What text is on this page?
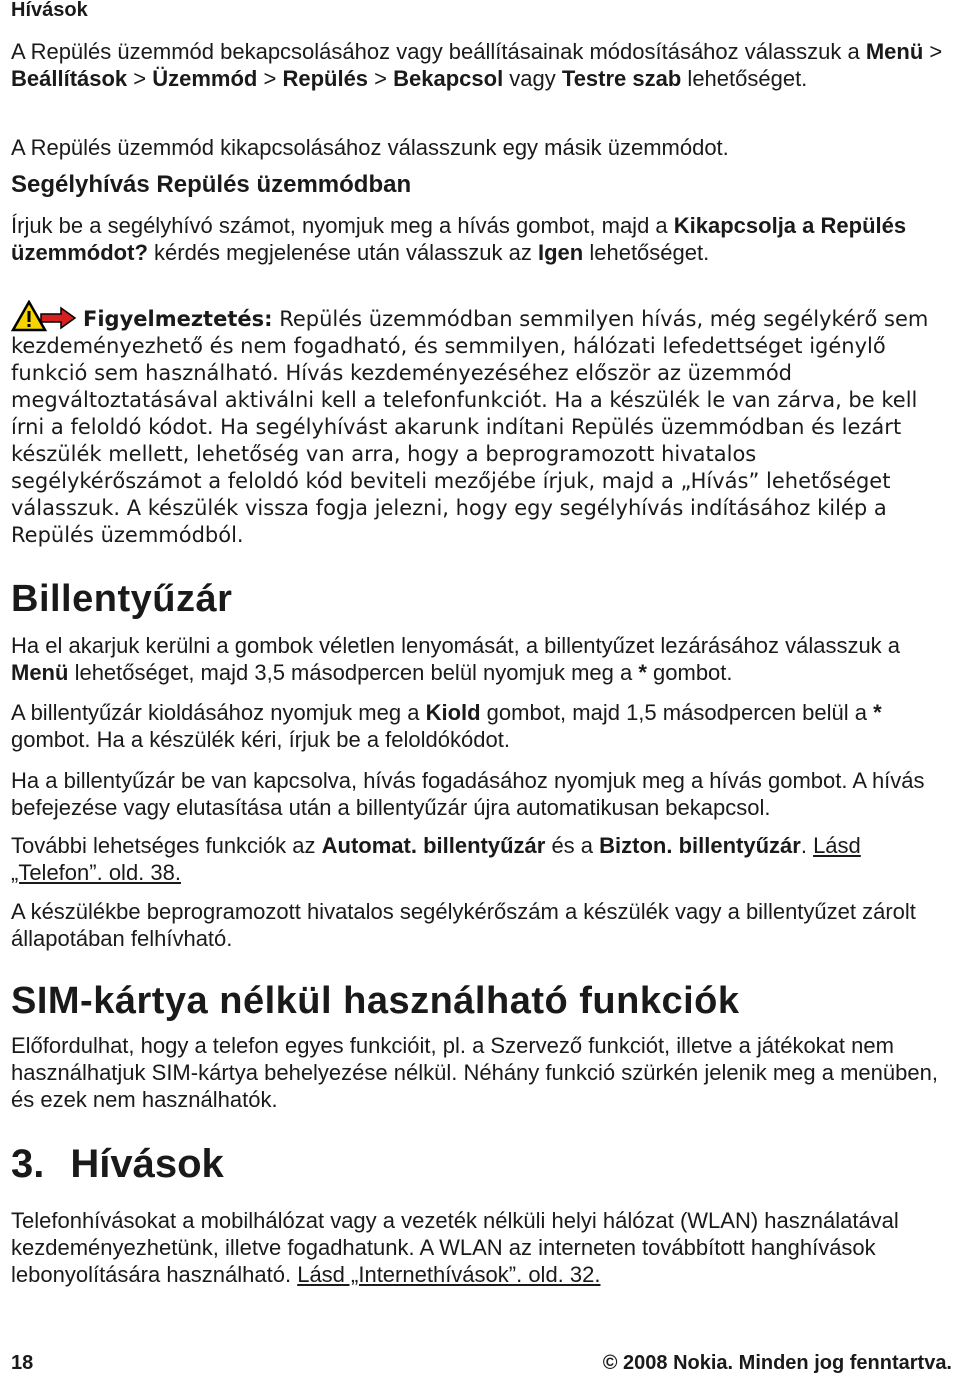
Hívások

A Repülés üzemmód bekapcsolásához vagy beállításainak módosításához válasszuk a Menü > Beállítások > Üzemmód > Repülés > Bekapcsol vagy Testre szab lehetőséget.

A Repülés üzemmód kikapcsolásához válasszunk egy másik üzemmódot.

Segélyhívás Repülés üzemmódban

Írjuk be a segélyhívó számot, nyomjuk meg a hívás gombot, majd a Kikapcsolja a Repülés üzemmódot? kérdés megjelenése után válasszuk az Igen lehetőséget.

Figyelmeztetés: Repülés üzemmódban semmilyen hívás, még segélykérő sem kezdeményezhető és nem fogadható, és semmilyen, hálózati lefedettséget igénylő funkció sem használható. Hívás kezdeményezéséhez először az üzemmód megváltoztatásával aktiválni kell a telefonfunkciót. Ha a készülék le van zárva, be kell írni a feloldó kódot. Ha segélyhívást akarunk indítani Repülés üzemmódban és lezárt készülék mellett, lehetőség van arra, hogy a beprogramozott hivatalos segélykérőszámot a feloldó kód beviteli mezőjébe írjuk, majd a „Hívás” lehetőséget válasszuk. A készülék vissza fogja jelezni, hogy egy segélyhívás indításához kilép a Repülés üzemmódból.

Billentyűzár

Ha el akarjuk kerülni a gombok véletlen lenyomását, a billentyűzet lezárásához válasszuk a Menü lehetőséget, majd 3,5 másodpercen belül nyomjuk meg a * gombot.

A billentyűzár kioldásához nyomjuk meg a Kiold gombot, majd 1,5 másodpercen belül a * gombot. Ha a készülék kéri, írjuk be a feloldókódot.

Ha a billentyűzár be van kapcsolva, hívás fogadásához nyomjuk meg a hívás gombot. A hívás befejezése vagy elutasítása után a billentyűzár újra automatikusan bekapcsol.

További lehetséges funkciók az Automat. billentyűzár és a Bizton. billentyűzár. Lásd „Telefon”. old. 38.

A készülékbe beprogramozott hivatalos segélykérőszám a készülék vagy a billentyűzet zárolt állapotában felhívható.

SIM-kártya nélkül használható funkciók

Előfordulhat, hogy a telefon egyes funkcióit, pl. a Szervező funkciót, illetve a játékokat nem használhatjuk SIM-kártya behelyezése nélkül. Néhány funkció szürkén jelenik meg a menüben, és ezek nem használhatók.

3. Hívások

Telefonhívásokat a mobilhálózat vagy a vezeték nélküli helyi hálózat (WLAN) használatával kezdeményezhetünk, illetve fogadhatunk. A WLAN az interneten továbbított hanghívások lebonyolítására használható. Lásd „Internethívások”. old. 32.

18	© 2008 Nokia. Minden jog fenntartva.
